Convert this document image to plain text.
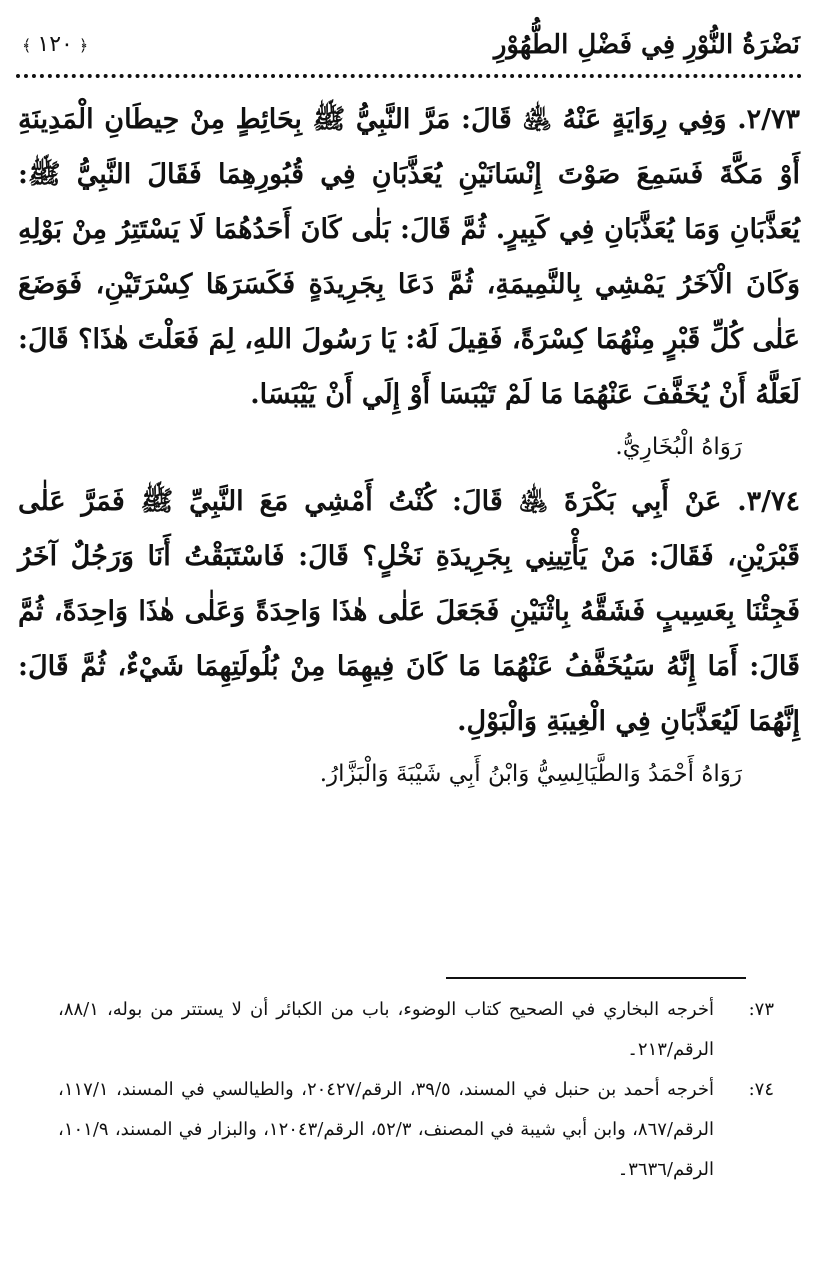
نَضْرَةُ النُّوْرِ فِي فَضْلِ الطُّهُوْرِ
﴾ ١٢٠ ﴿

٢/٧٣. وَفِي رِوَايَةٍ عَنْهُ ﵁ قَالَ: مَرَّ النَّبِيُّ ﷺ بِحَائِطٍ مِنْ حِيطَانِ الْمَدِينَةِ أَوْ مَكَّةَ فَسَمِعَ صَوْتَ إِنْسَانَيْنِ يُعَذَّبَانِ فِي قُبُورِهِمَا فَقَالَ النَّبِيُّ ﷺ: يُعَذَّبَانِ وَمَا يُعَذَّبَانِ فِي كَبِيرٍ. ثُمَّ قَالَ: بَلٰى كَانَ أَحَدُهُمَا لَا يَسْتَتِرُ مِنْ بَوْلِهِ وَكَانَ الْآخَرُ يَمْشِي بِالنَّمِيمَةِ، ثُمَّ دَعَا بِجَرِيدَةٍ فَكَسَرَهَا كِسْرَتَيْنِ، فَوَضَعَ عَلٰى كُلِّ قَبْرٍ مِنْهُمَا كِسْرَةً، فَقِيلَ لَهُ: يَا رَسُولَ اللهِ، لِمَ فَعَلْتَ هٰذَا؟ قَالَ: لَعَلَّهُ أَنْ يُخَفَّفَ عَنْهُمَا مَا لَمْ تَيْبَسَا أَوْ إِلَي أَنْ يَيْبَسَا.

رَوَاهُ الْبُخَارِيُّ.

٣/٧٤. عَنْ أَبِي بَكْرَةَ ﵁ قَالَ: كُنْتُ أَمْشِي مَعَ النَّبِيِّ ﷺ فَمَرَّ عَلٰى قَبْرَيْنِ، فَقَالَ: مَنْ يَأْتِينِي بِجَرِيدَةِ نَخْلٍ؟ قَالَ: فَاسْتَبَقْتُ أَنَا وَرَجُلٌ آخَرُ فَجِئْنَا بِعَسِيبٍ فَشَقَّهُ بِاثْنَيْنِ فَجَعَلَ عَلٰى هٰذَا وَاحِدَةً وَعَلٰى هٰذَا وَاحِدَةً، ثُمَّ قَالَ: أَمَا إِنَّهُ سَيُخَفَّفُ عَنْهُمَا مَا كَانَ فِيهِمَا مِنْ بُلُولَتِهِمَا شَيْءٌ، ثُمَّ قَالَ: إِنَّهُمَا لَيُعَذَّبَانِ فِي الْغِيبَةِ وَالْبَوْلِ.

رَوَاهُ أَحْمَدُ وَالطَّيَالِسِيُّ وَابْنُ أَبِي شَيْبَةَ وَالْبَزَّارُ.

٧٣:
أخرجه البخاري في الصحيح كتاب الوضوء، باب من الكبائر أن لا يستتر من بوله، ٨٨/١، الرقم/٢١٣۔
٧٤:
أخرجه أحمد بن حنبل في المسند، ٣٩/٥، الرقم/٢٠٤٢٧، والطيالسي في المسند، ١١٧/١، الرقم/٨٦٧، وابن أبي شيبة في المصنف، ٥٢/٣، الرقم/١٢٠٤٣، والبزار في المسند، ١٠١/٩، الرقم/٣٦٣٦۔
